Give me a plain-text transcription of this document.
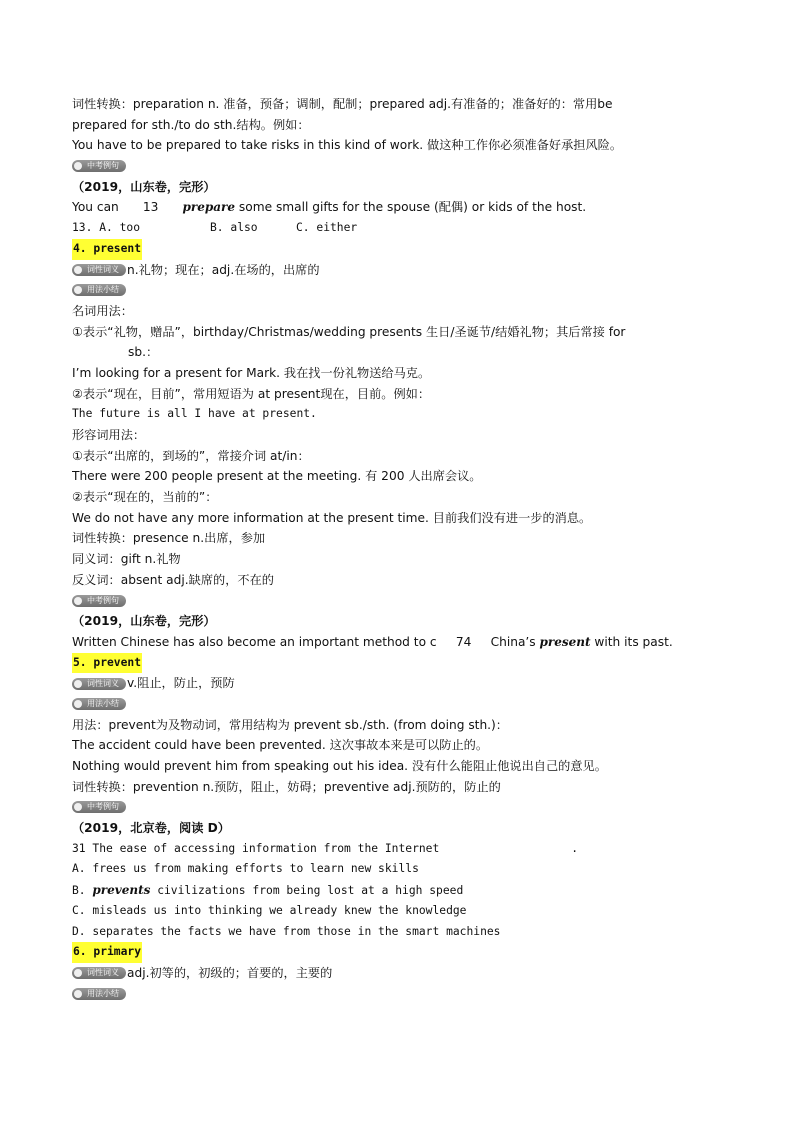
词性转换：preparation n. 准备，预备；调制，配制；prepared adj.有准备的；准备好的：常用be
prepared for sth./to do sth.结构。例如：
You have to be prepared to take risks in this kind of work. 做这种工作你必须准备好承担风险。
中考例句
（2019，山东卷，完形）
You can 13 prepare some small gifts for the spouse (配偶) or kids of the host.
13. A. too	B. also	C. either
4. present
词性词义 n.礼物；现在；adj.在场的，出席的
用法小结
名词用法：
①表示“礼物，赠品”，birthday/Christmas/wedding presents 生日/圣诞节/结婚礼物；其后常接 for
sb.：
I’m looking for a present for Mark. 我在找一份礼物送给马克。
②表示“现在，目前”，常用短语为 at present现在，目前。例如：
The future is all I have at present.
形容词用法：
①表示“出席的，到场的”，常接介词 at/in：
There were 200 people present at the meeting. 有 200 人出席会议。
②表示“现在的，当前的”：
We do not have any more information at the present time. 目前我们没有进一步的消息。
词性转换：presence n.出席，参加
同义词：gift n.礼物
反义词：absent adj.缺席的，不在的
中考例句
（2019，山东卷，完形）
Written Chinese has also become an important method to c 74 China’s present with its past.
5. prevent
词性词义 v.阻止，防止，预防
用法小结
用法：prevent为及物动词，常用结构为 prevent sb./sth. (from doing sth.)：
The accident could have been prevented. 这次事故本来是可以防止的。
Nothing would prevent him from speaking out his idea. 没有什么能阻止他说出自己的意见。
词性转换：prevention n.预防，阻止，妨碍；preventive adj.预防的，防止的
中考例句
（2019，北京卷，阅读 D）
31 The ease of accessing information from the Internet	.
A. frees us from making efforts to learn new skills
B. prevents civilizations from being lost at a high speed
C. misleads us into thinking we already knew the knowledge
D. separates the facts we have from those in the smart machines
6. primary
词性词义 adj.初等的，初级的；首要的，主要的
用法小结
